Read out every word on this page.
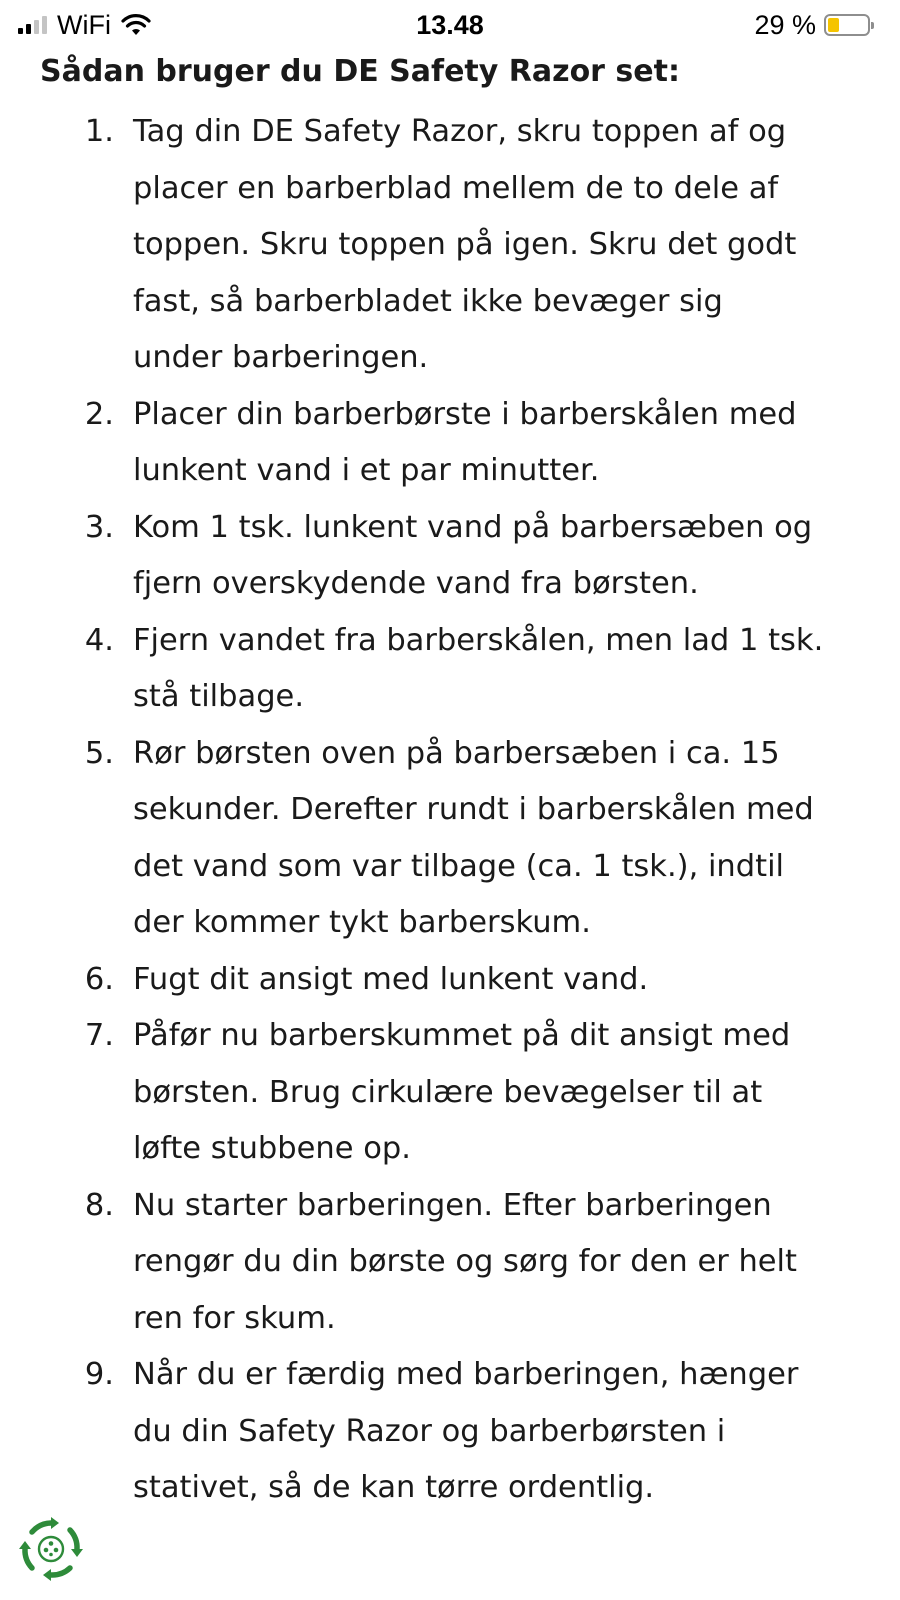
WiFi	13.48	29 %
Sådan bruger du DE Safety Razor set:
1. Tag din DE Safety Razor, skru toppen af og
placer en barberblad mellem de to dele af
toppen. Skru toppen på igen. Skru det godt
fast, så barberbladet ikke bevæger sig
under barberingen.
2. Placer din barberbørste i barberskålen med
lunkent vand i et par minutter.
3. Kom 1 tsk. lunkent vand på barbersæben og
fjern overskydende vand fra børsten.
4. Fjern vandet fra barberskålen, men lad 1 tsk.
stå tilbage.
5. Rør børsten oven på barbersæben i ca. 15
sekunder. Derefter rundt i barberskålen med
det vand som var tilbage (ca. 1 tsk.), indtil
der kommer tykt barberskum.
6. Fugt dit ansigt med lunkent vand.
7. Påfør nu barberskummet på dit ansigt med
børsten. Brug cirkulære bevægelser til at
løfte stubbene op.
8. Nu starter barberingen. Efter barberingen
rengør du din børste og sørg for den er helt
ren for skum.
9. Når du er færdig med barberingen, hænger
du din Safety Razor og barberbørsten i
stativet, så de kan tørre ordentlig.
